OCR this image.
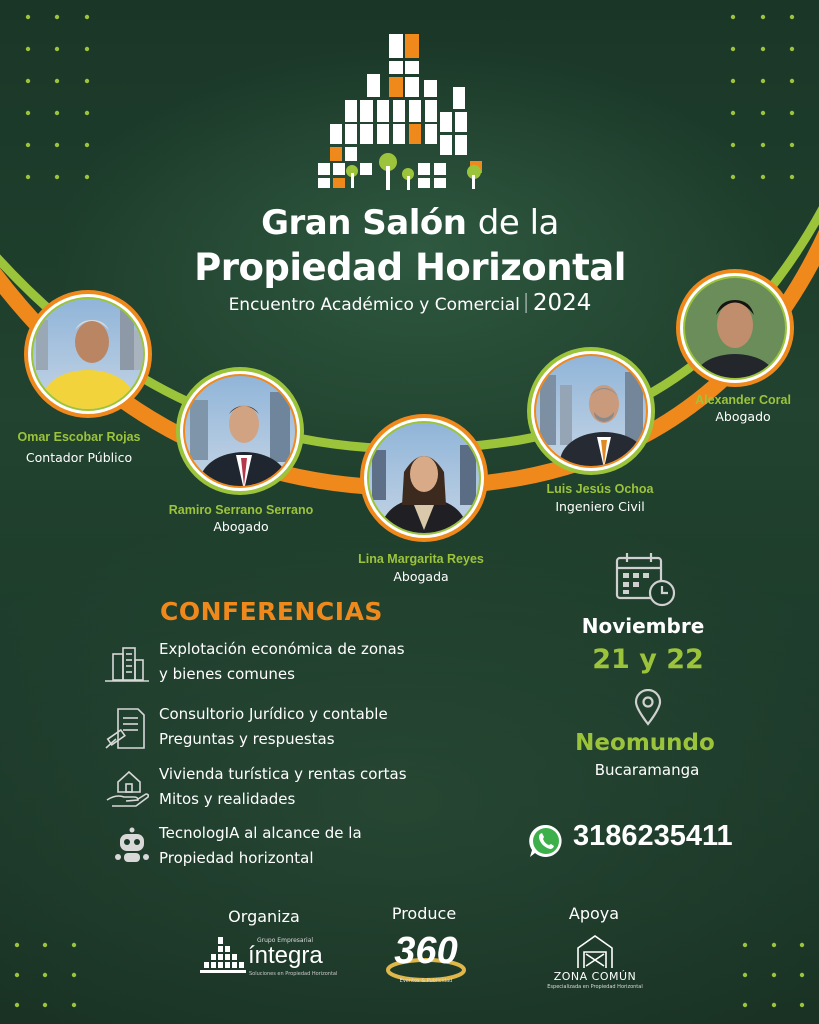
Gran Salón de la
Propiedad Horizontal
Encuentro Académico y Comercial 2024
Omar Escobar Rojas
Contador Público
Ramiro Serrano Serrano
Abogado
Lina Margarita Reyes
Abogada
Luis Jesús Ochoa
Ingeniero Civil
Alexander Coral
Abogado
CONFERENCIAS
Explotación económica de zonas
y bienes comunes
Consultorio Jurídico y contable
Preguntas y respuestas
Vivienda turística y rentas cortas
Mitos y realidades
TecnologIA al alcance de la
Propiedad horizontal
Noviembre
21 y 22
Neomundo
Bucaramanga
3186235411
Organiza	Produce	Apoya
Grupo Empresarial
íntegra
Soluciones en Propiedad Horizontal
360
Eventos & Publicidad	ZONA COMÚN
Especializada en Propiedad Horizontal
